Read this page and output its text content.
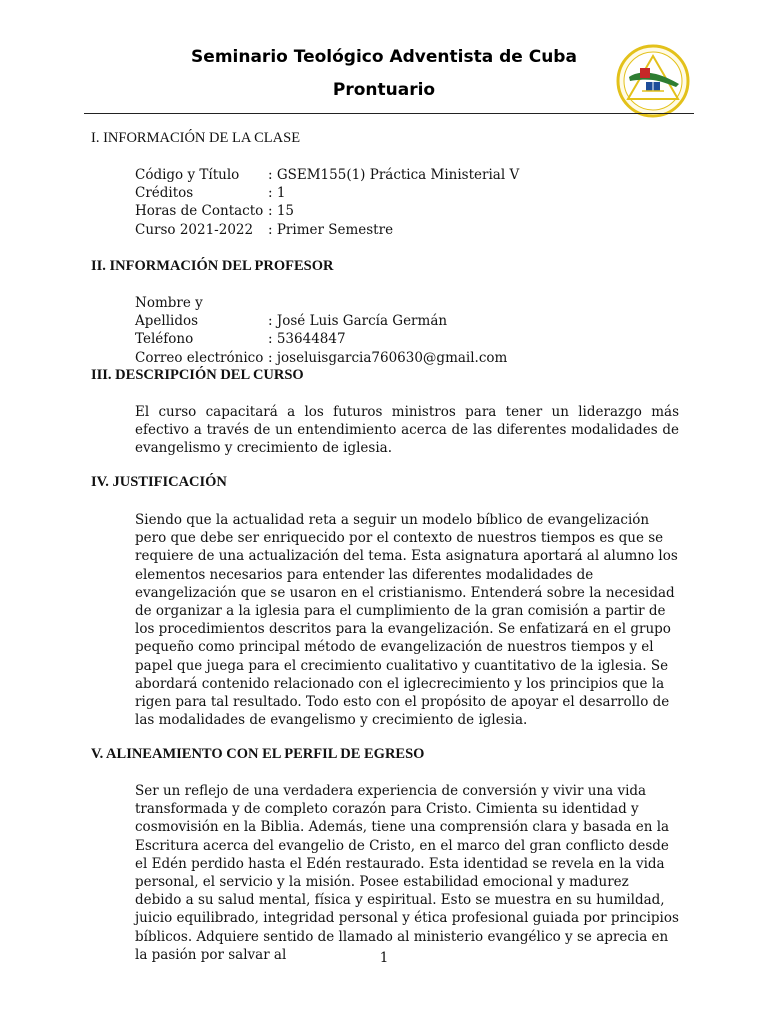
Seminario Teológico Adventista de Cuba
Prontuario
I. INFORMACIÓN DE LA CLASE
Código y Título : GSEM155(1) Práctica Ministerial V
Créditos	: 1
Horas de Contacto : 15
Curso 2021-2022 : Primer Semestre
II. INFORMACIÓN DEL PROFESOR
Nombre y Apellidos	: José Luis García Germán
Teléfono	: 53644847
Correo electrónico : joseluisgarcia760630@gmail.com
III. DESCRIPCIÓN DEL CURSO
El curso capacitará a los futuros ministros para tener un liderazgo más efectivo a través de un entendimiento acerca de las diferentes modalidades de evangelismo y crecimiento de iglesia.
IV. JUSTIFICACIÓN
Siendo que la actualidad reta a seguir un modelo bíblico de evangelización pero que debe ser enriquecido por el contexto de nuestros tiempos es que se requiere de una actualización del tema. Esta asignatura aportará al alumno los elementos necesarios para entender las diferentes modalidades de evangelización que se usaron en el cristianismo. Entenderá sobre la necesidad de organizar a la iglesia para el cumplimiento de la gran comisión a partir de los procedimientos descritos para la evangelización. Se enfatizará en el grupo pequeño como principal método de evangelización de nuestros tiempos y el papel que juega para el crecimiento cualitativo y cuantitativo de la iglesia. Se abordará contenido relacionado con el iglecrecimiento y los principios que la rigen para tal resultado. Todo esto con el propósito de apoyar el desarrollo de las modalidades de evangelismo y crecimiento de iglesia.
V. ALINEAMIENTO CON EL PERFIL DE EGRESO
Ser un reflejo de una verdadera experiencia de conversión y vivir una vida transformada y de completo corazón para Cristo. Cimienta su identidad y cosmovisión en la Biblia. Además, tiene una comprensión clara y basada en la Escritura acerca del evangelio de Cristo, en el marco del gran conflicto desde el Edén perdido hasta el Edén restaurado. Esta identidad se revela en la vida personal, el servicio y la misión. Posee estabilidad emocional y madurez debido a su salud mental, física y espiritual. Esto se muestra en su humildad, juicio equilibrado, integridad personal y ética profesional guiada por principios bíblicos. Adquiere sentido de llamado al ministerio evangélico y se aprecia en la pasión por salvar al	1
